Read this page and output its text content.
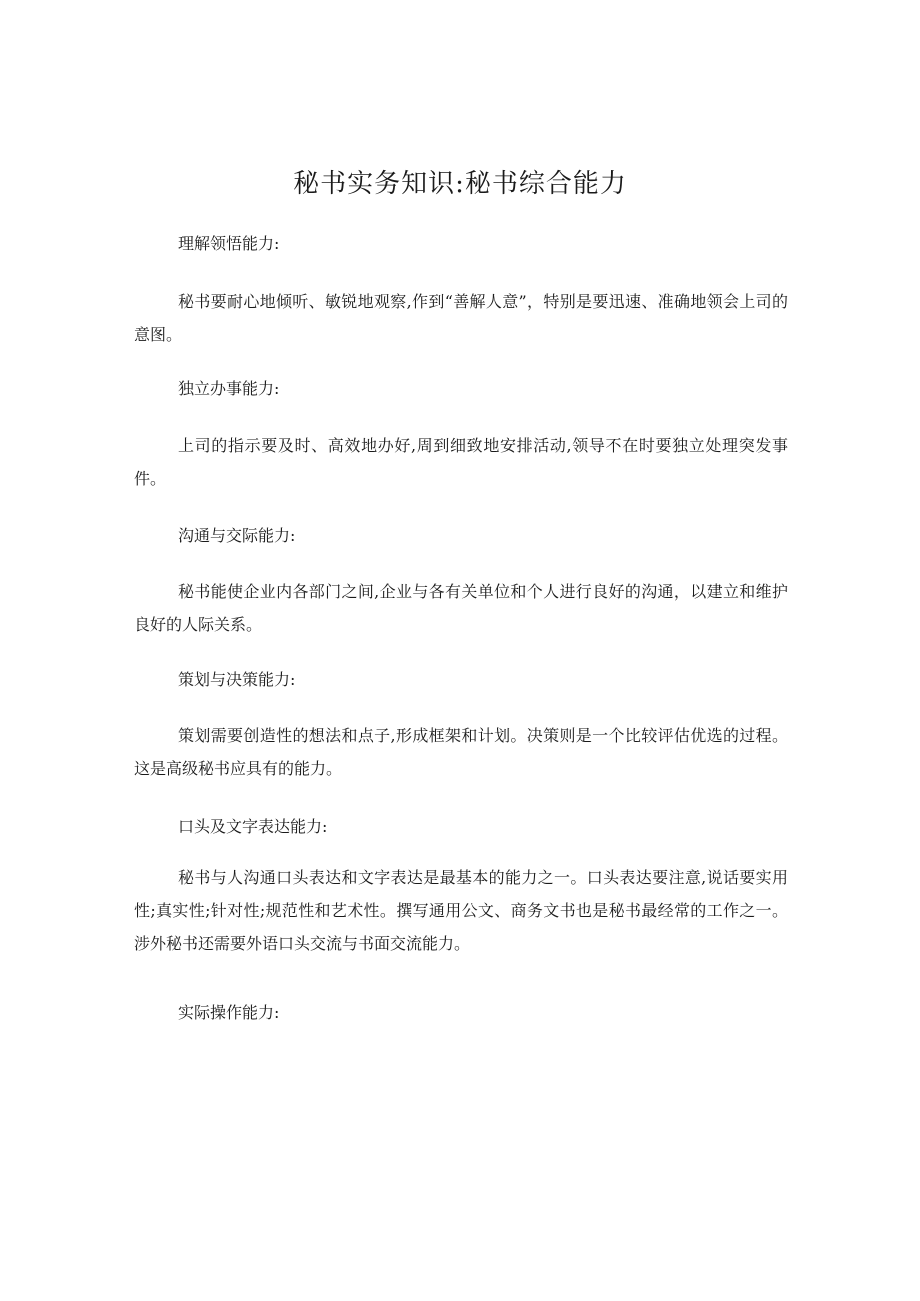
秘书实务知识:秘书综合能力

理解领悟能力:

秘书要耐心地倾听、敏锐地观察,作到“善解人意”，特别是要迅速、准确地领会上司的意图。

独立办事能力:

上司的指示要及时、高效地办好,周到细致地安排活动,领导不在时要独立处理突发事件。

沟通与交际能力:

秘书能使企业内各部门之间,企业与各有关单位和个人进行良好的沟通，以建立和维护良好的人际关系。

策划与决策能力:

策划需要创造性的想法和点子,形成框架和计划。决策则是一个比较评估优选的过程。这是高级秘书应具有的能力。

口头及文字表达能力:

秘书与人沟通口头表达和文字表达是最基本的能力之一。口头表达要注意,说话要实用性;真实性;针对性;规范性和艺术性。撰写通用公文、商务文书也是秘书最经常的工作之一。涉外秘书还需要外语口头交流与书面交流能力。

实际操作能力:
